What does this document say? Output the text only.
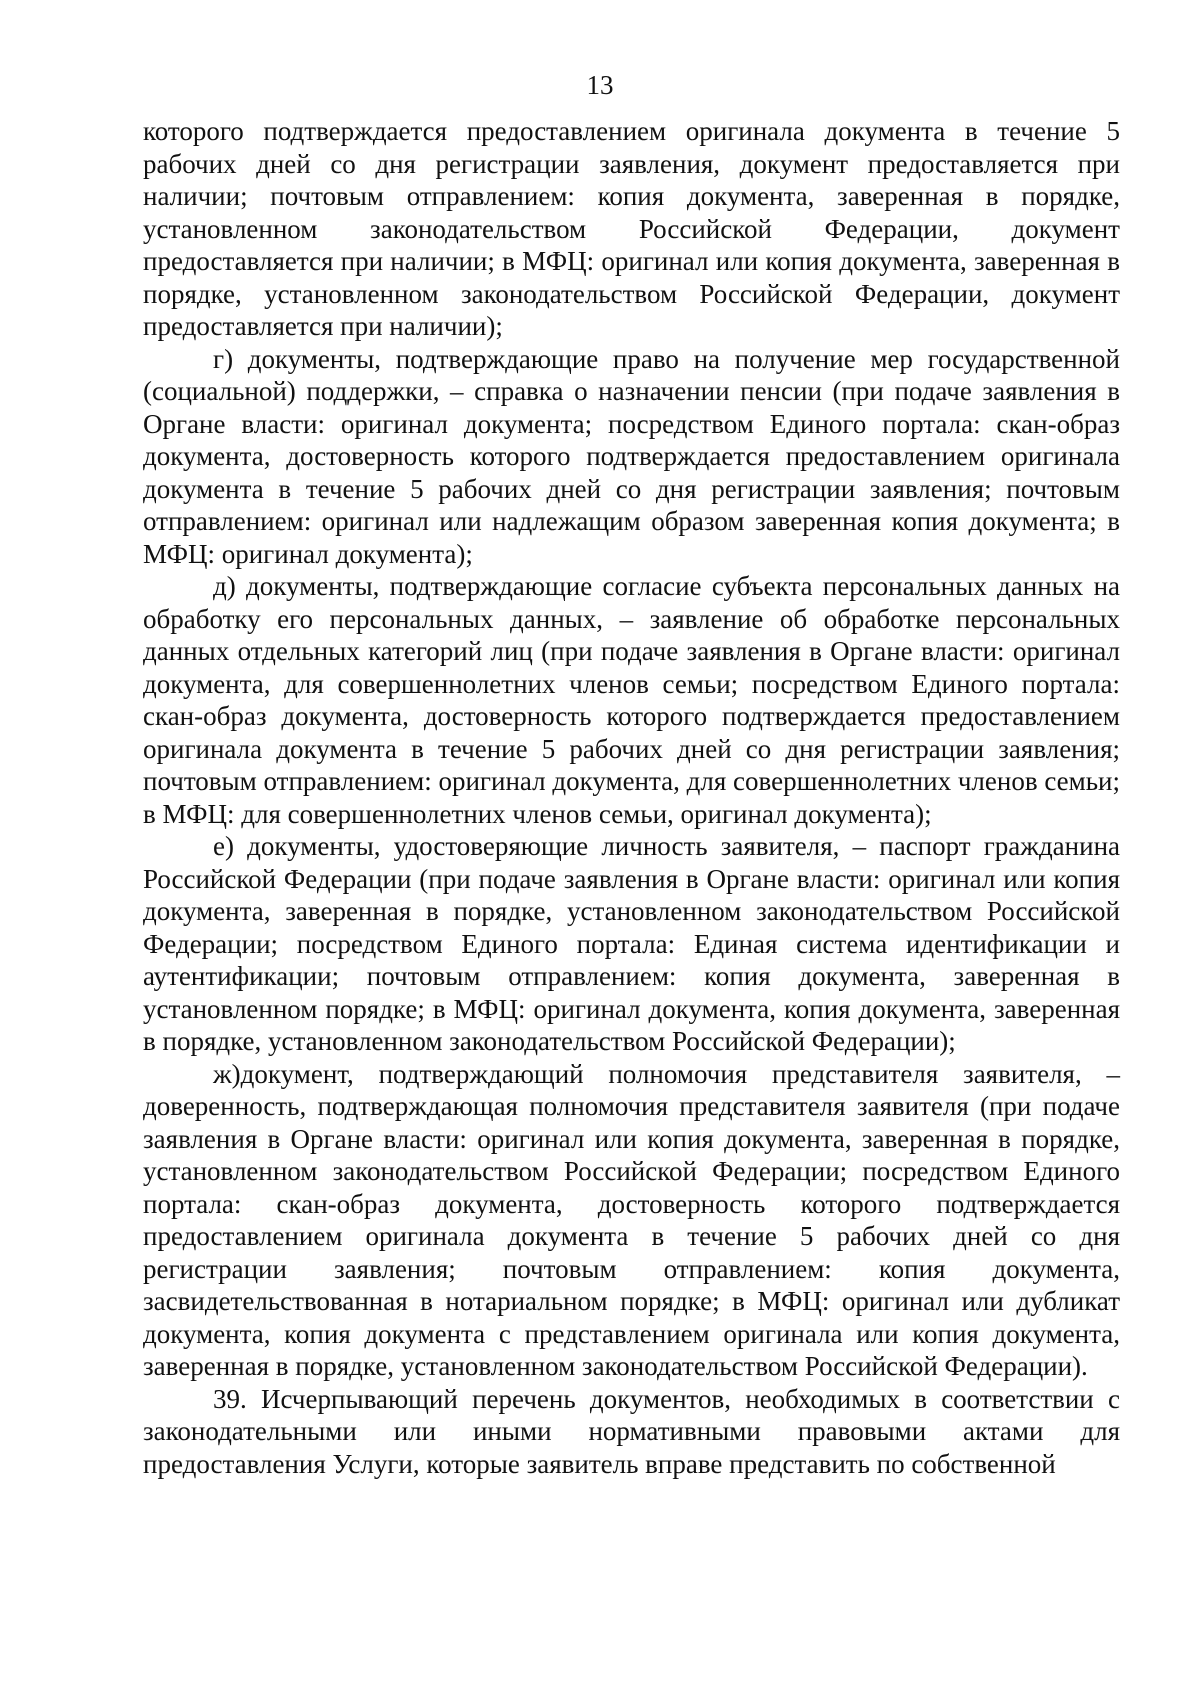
13

которого подтверждается предоставлением оригинала документа в течение 5 рабочих дней со дня регистрации заявления, документ предоставляется при наличии; почтовым отправлением: копия документа, заверенная в порядке, установленном законодательством Российской Федерации, документ предоставляется при наличии; в МФЦ: оригинал или копия документа, заверенная в порядке, установленном законодательством Российской Федерации, документ предоставляется при наличии);

г) документы, подтверждающие право на получение мер государственной (социальной) поддержки, – справка о назначении пенсии (при подаче заявления в Органе власти: оригинал документа; посредством Единого портала: скан-образ документа, достоверность которого подтверждается предоставлением оригинала документа в течение 5 рабочих дней со дня регистрации заявления; почтовым отправлением: оригинал или надлежащим образом заверенная копия документа; в МФЦ: оригинал документа);

д) документы, подтверждающие согласие субъекта персональных данных на обработку его персональных данных, – заявление об обработке персональных данных отдельных категорий лиц (при подаче заявления в Органе власти: оригинал документа, для совершеннолетних членов семьи; посредством Единого портала: скан-образ документа, достоверность которого подтверждается предоставлением оригинала документа в течение 5 рабочих дней со дня регистрации заявления; почтовым отправлением: оригинал документа, для совершеннолетних членов семьи; в МФЦ: для совершеннолетних членов семьи, оригинал документа);

е) документы, удостоверяющие личность заявителя, – паспорт гражданина Российской Федерации (при подаче заявления в Органе власти: оригинал или копия документа, заверенная в порядке, установленном законодательством Российской Федерации; посредством Единого портала: Единая система идентификации и аутентификации; почтовым отправлением: копия документа, заверенная в установленном порядке; в МФЦ: оригинал документа, копия документа, заверенная в порядке, установленном законодательством Российской Федерации);

ж)документ, подтверждающий полномочия представителя заявителя, – доверенность, подтверждающая полномочия представителя заявителя (при подаче заявления в Органе власти: оригинал или копия документа, заверенная в порядке, установленном законодательством Российской Федерации; посредством Единого портала: скан-образ документа, достоверность которого подтверждается предоставлением оригинала документа в течение 5 рабочих дней со дня регистрации заявления; почтовым отправлением: копия документа, засвидетельствованная в нотариальном порядке; в МФЦ: оригинал или дубликат документа, копия документа с представлением оригинала или копия документа, заверенная в порядке, установленном законодательством Российской Федерации).

39. Исчерпывающий перечень документов, необходимых в соответствии с законодательными или иными нормативными правовыми актами для предоставления Услуги, которые заявитель вправе представить по собственной
